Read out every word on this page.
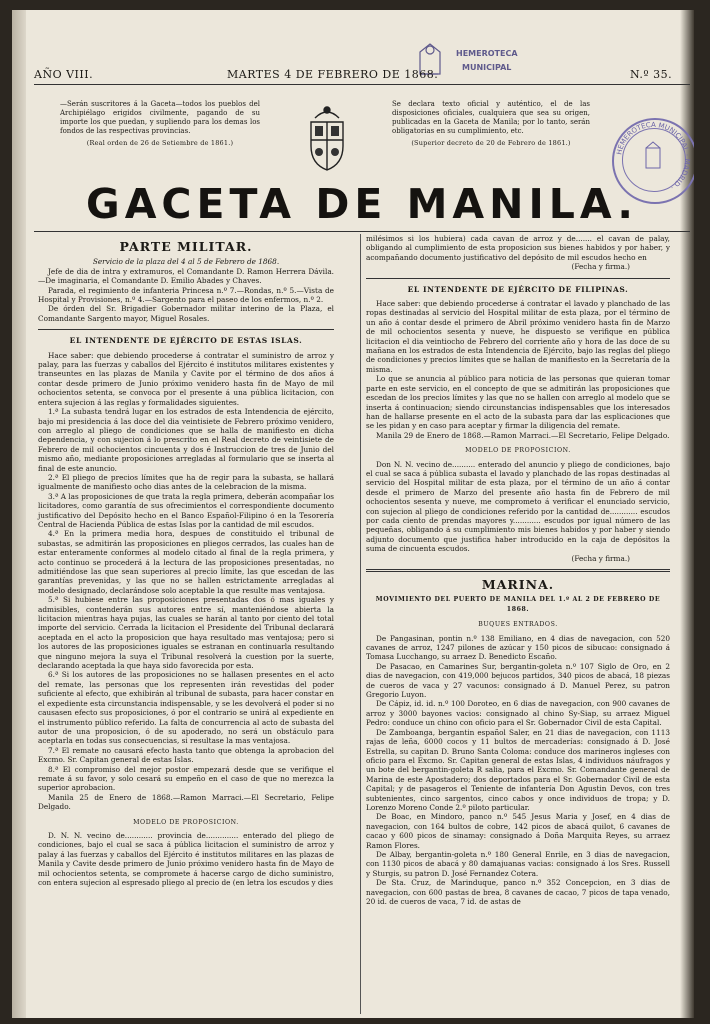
HEMEROTECA
MUNICIPAL
HEMEROTECA MUNICIPAL · MADRID ·
AÑO VIII.	MARTES 4 DE FEBRERO DE 1868.	N.º 35.
—Serán suscritores á la Gaceta—todos los pueblos del Archipiélago erigidos civilmente, pagando de su importe los que puedan, y supliendo para los demas los fondos de las respectivas provincias.
(Real orden de 26 de Setiembre de 1861.)
Se declara texto oficial y auténtico, el de las disposiciones oficiales, cualquiera que sea su origen, publicadas en la Gaceta de Manila; por lo tanto, serán obligatorias en su cumplimiento, etc.
(Superior decreto de 20 de Febrero de 1861.)
GACETA DE MANILA.
PARTE MILITAR.

Servicio de la plaza del 4 al 5 de Febrero de 1868.

Jefe de dia de intra y extramuros, el Comandante D. Ramon Herrera Dávila.—De imaginaria, el Comandante D. Emilio Abades y Chaves.

Parada, el regimiento de infanteria Princesa n.º 7.—Rondas, n.º 5.—Vista de Hospital y Provisiones, n.º 4.—Sargento para el paseo de los enfermos, n.º 2.

De órden del Sr. Brigadier Gobernador militar interino de la Plaza, el Comandante Sargento mayor, Miguel Rosales.

EL INTENDENTE DE EJÉRCITO DE ESTAS ISLAS.

Hace saber: que debiendo procederse á contratar el suministro de arroz y palay, para las fuerzas y caballos del Ejército é institutos militares existentes y transeuntes en las plazas de Manila y Cavite por el término de dos años á contar desde primero de Junio próximo venidero hasta fin de Mayo de mil ochocientos setenta, se convoca por el presente á una pública licitacion, con entera sujecion á las reglas y formalidades siguientes.

1.ª La subasta tendrá lugar en los estrados de esta Intendencia de ejército, bajo mi presidencia á las doce del dia veintisiete de Febrero próximo venidero, con arreglo al pliego de condiciones que se halla de manifiesto en dicha dependencia, y con sujecion á lo prescrito en el Real decreto de veintisiete de Febrero de mil ochocientos cincuenta y dos é Instruccion de tres de Junio del mismo año, mediante proposiciones arregladas al formulario que se inserta al final de este anuncio.

2.ª El pliego de precios límites que ha de regir para la subasta, se hallará igualmente de manifiesto ocho dias antes de la celebracion de la misma.

3.ª A las proposiciones de que trata la regla primera, deberán acompañar los licitadores, como garantía de sus ofrecimientos el correspondiente documento justificativo del Depósito hecho en el Banco Español-Filipino ó en la Tesorería Central de Hacienda Pública de estas Islas por la cantidad de mil escudos.

4.ª En la primera media hora, despues de constituido el tribunal de subastas, se admitirán las proposiciones en pliegos cerrados, las cuales han de estar enteramente conformes al modelo citado al final de la regla primera, y acto continuo se procederá á la lectura de las proposiciones presentadas, no admitiéndose las que sean superiores al precio límite, las que escedan de las garantías prevenidas, y las que no se hallen estrictamente arregladas al modelo designado, declarándose solo aceptable la que resulte mas ventajosa.

5.ª Si hubiese entre las proposiciones presentadas dos ó mas iguales y admisibles, contenderán sus autores entre sí, manteniéndose abierta la licitacion mientras haya pujas, las cuales se harán al tanto por ciento del total importe del servicio. Cerrada la licitacion el Presidente del Tribunal declarará aceptada en el acto la proposicion que haya resultado mas ventajosa; pero si los autores de las proposiciones iguales se estranan en continuarla resultando que ninguno mejora la suya el Tribunal resolverá la cuestion por la suerte, declarando aceptada la que haya sido favorecida por esta.

6.ª Si los autores de las proposiciones no se hallasen presentes en el acto del remate, las personas que los representen irán revestidas del poder suficiente al efecto, que exhibirán al tribunal de subasta, para hacer constar en el expediente esta circunstancia indispensable, y se les devolverá el poder si no causasen efecto sus proposiciones, ó por el contrario se unirá al expediente en el instrumento público referido. La falta de concurrencia al acto de subasta del autor de una proposicion, ó de su apoderado, no será un obstáculo para aceptarla en todas sus consecuencias, si resultase la mas ventajosa.

7.ª El remate no causará efecto hasta tanto que obtenga la aprobacion del Excmo. Sr. Capitan general de estas Islas.

8.ª El compromiso del mejor postor empezará desde que se verifique el remate á su favor, y solo cesará su empeño en el caso de que no merezca la superior aprobacion.

Manila 25 de Enero de 1868.—Ramon Marraci.—El Secretario, Felipe Delgado.

MODELO DE PROPOSICION.

D. N. N. vecino de............ provincia de.............. enterado del pliego de condiciones, bajo el cual se saca á pública licitacion el suministro de arroz y palay á las fuerzas y caballos del Ejército é institutos militares en las plazas de Manila y Cavite desde primero de Junio próximo venidero hasta fin de Mayo de mil ochocientos setenta, se compromete á hacerse cargo de dicho suministro, con entera sujecion al espresado pliego al precio de (en letra los escudos y dies

milésimos si los hubiera) cada cavan de arroz y de....... el cavan de palay, obligando al cumplimiento de esta proposicion sus bienes habidos y por haber, y acompañando documento justificativo del depósito de mil escudos hecho en

(Fecha y firma.)

EL INTENDENTE DE EJÉRCITO DE FILIPINAS.

Hace saber: que debiendo procederse á contratar el lavado y planchado de las ropas destinadas al servicio del Hospital militar de esta plaza, por el término de un año á contar desde el primero de Abril próximo venidero hasta fin de Marzo de mil ochocientos sesenta y nueve, he dispuesto se verifique en pública licitacion el dia veintiocho de Febrero del corriente año y hora de las doce de su mañana en los estrados de esta Intendencia de Ejército, bajo las reglas del pliego de condiciones y precios límites que se hallan de manifiesto en la Secretaría de la misma.

Lo que se anuncia al público para noticia de las personas que quieran tomar parte en este servicio, en el concepto de que se admitirán las proposiciones que escedan de los precios límites y las que no se hallen con arreglo al modelo que se inserta á continuacion; siendo circunstancias indispensables que los interesados han de hallarse presente en el acto de la subasta para dar las esplicaciones que se les pidan y en caso para aceptar y firmar la diligencia del remate.

Manila 29 de Enero de 1868.—Ramon Marraci.—El Secretario, Felipe Delgado.

MODELO DE PROPOSICION.

Don N. N. vecino de.......... enterado del anuncio y pliego de condiciones, bajo el cual se saca á pública subasta el lavado y planchado de las ropas destinadas al servicio del Hospital militar de esta plaza, por el término de un año á contar desde el primero de Marzo del presente año hasta fin de Febrero de mil ochocientos sesenta y nueve, me comprometo á verificar el enunciado servicio, con sujecion al pliego de condiciones referido por la cantidad de............ escudos por cada ciento de prendas mayores y............ escudos por igual número de las pequeñas, obligando á su cumplimiento mis bienes habidos y por haber y siendo adjunto documento que justifica haber introducido en la caja de depósitos la suma de cincuenta escudos.

(Fecha y firma.)

MARINA.
MOVIMIENTO DEL PUERTO DE MANILA DEL 1.º AL 2 DE FEBRERO DE 1868.
BUQUES ENTRADOS.

De Pangasinan, pontin n.º 138 Emiliano, en 4 dias de navegacion, con 520 cavanes de arroz, 1247 pilones de azúcar y 150 picos de sibucao: consignado á Tomasa Lucchango, su arraez D. Benedicto Escaño.

De Pasacao, en Camarines Sur, bergantin-goleta n.º 107 Siglo de Oro, en 2 dias de navegacion, con 419,000 bejucos partidos, 340 picos de abacá, 18 piezas de cueros de vaca y 27 vacunos: consignado á D. Manuel Perez, su patron Gregorio Luyon.

De Cápiz, id. id. n.º 100 Doroteo, en 6 dias de navegacion, con 900 cavanes de arroz y 3000 bayones vacios: consignado al chino Sy-Siap, su arraez Miguel Pedro: conduce un chino con oficio para el Sr. Gobernador Civil de esta Capital.

De Zamboanga, bergantin español Saler, en 21 dias de navegacion, con 1113 rajas de leña, 6000 cocos y 11 bultos de mercaderías: consignado á D. José Estrella, su capitan D. Bruno Santa Coloma: conduce dos marineros ingleses con oficio para el Excmo. Sr. Capitan general de estas Islas, 4 individuos náufragos y un bote del bergantin-goleta R salia, para el Excmo. Sr. Comandante general de Marina de este Apostadero; dos deportados para el Sr. Gobernador Civil de esta Capital; y de pasageros el Teniente de infantería Don Agustin Devos, con tres subtenientes, cinco sargentos, cinco cabos y once individuos de tropa; y D. Lorenzo Moreno Conde 2.º piloto particular.

De Boac, en Mindoro, panco n.º 545 Jesus Maria y Josef, en 4 dias de navegacion, con 164 bultos de cobre, 142 picos de abacá quilot, 6 cavanes de cacao y 600 picos de sinamay: consignado á Doña Marquita Reyes, su arraez Ramon Flores.

De Albay, bergantin-goleta n.º 180 General Enrile, en 3 dias de navegacion, con 1130 picos de abacá y 80 damajuanas vacias: consignado á los Sres. Russell y Sturgis, su patron D. José Fernandez Cotera.

De Sta. Cruz, de Marinduque, panco n.º 352 Concepcion, en 3 dias de navegacion, con 600 pastas de brea, 8 cavanes de cacao, 7 picos de tapa venado, 20 id. de cueros de vaca, 7 id. de astas de
